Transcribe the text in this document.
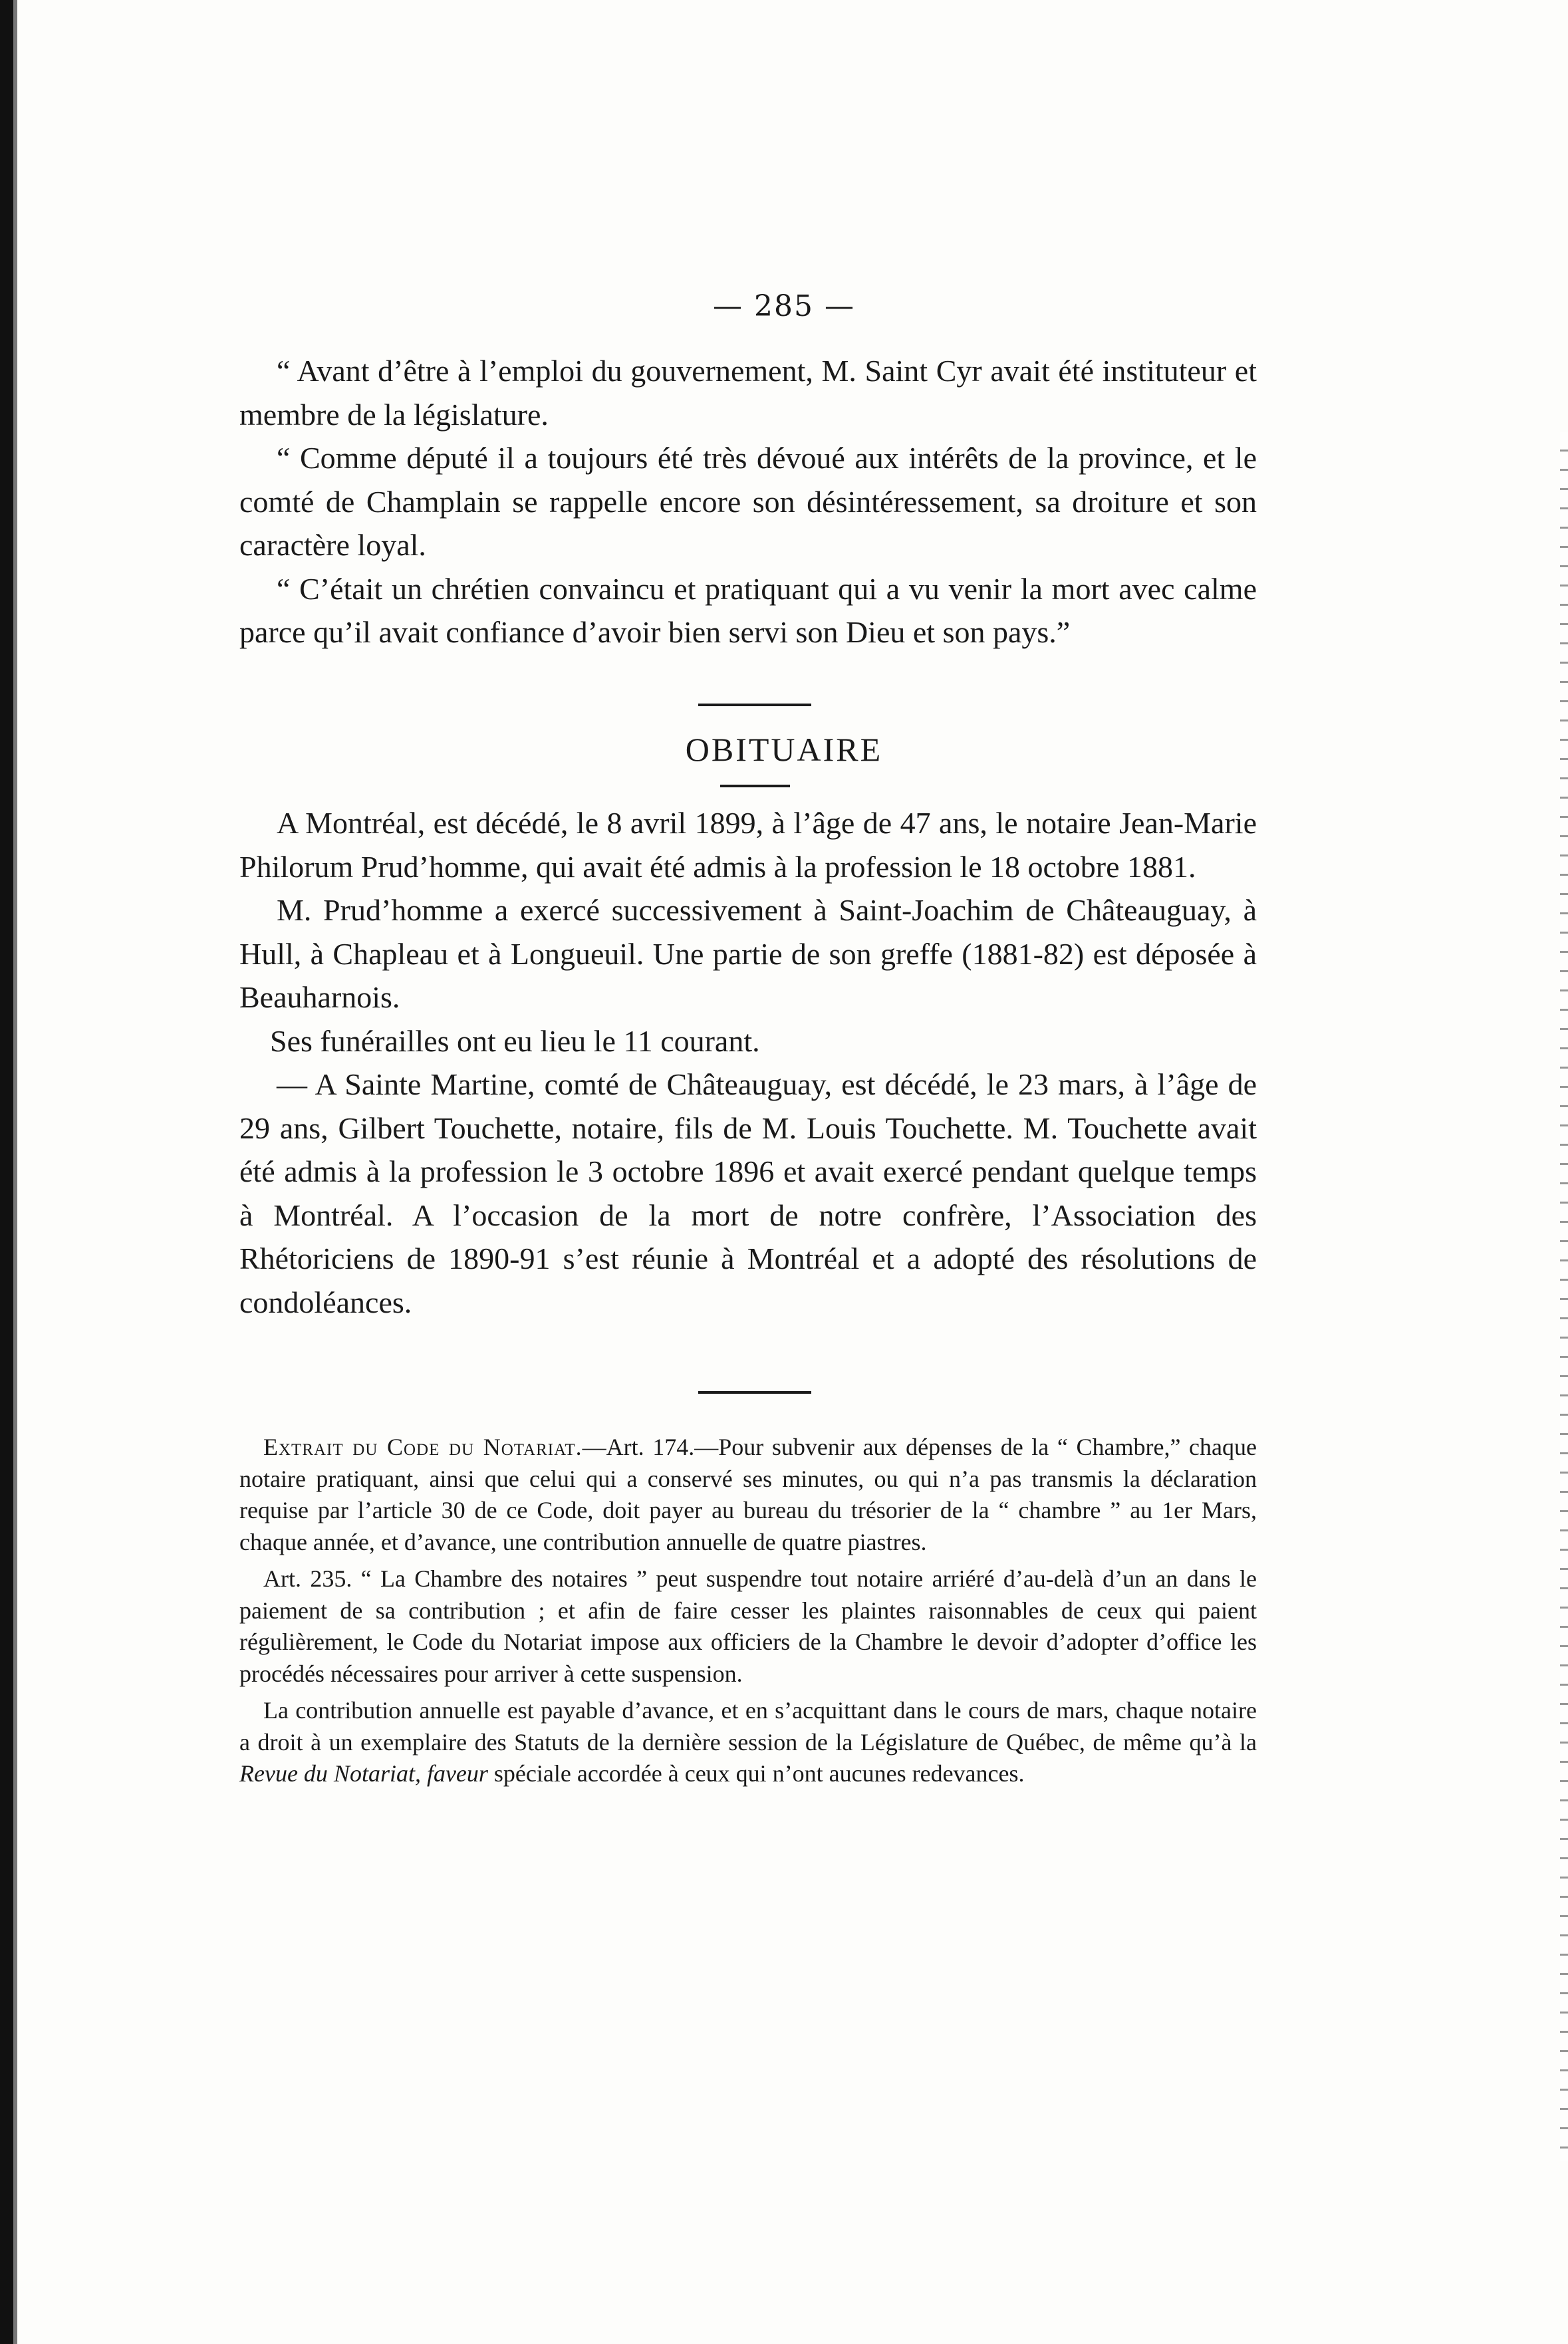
— 285 —

“ Avant d’être à l’emploi du gouvernement, M. Saint Cyr avait été instituteur et membre de la législature.

“ Comme député il a toujours été très dévoué aux intérêts de la province, et le comté de Champlain se rappelle encore son désintéressement, sa droiture et son caractère loyal.

“ C’était un chrétien convaincu et pratiquant qui a vu venir la mort avec calme parce qu’il avait confiance d’avoir bien servi son Dieu et son pays.”

OBITUAIRE

A Montréal, est décédé, le 8 avril 1899, à l’âge de 47 ans, le notaire Jean-Marie Philorum Prud’homme, qui avait été admis à la profession le 18 octobre 1881.

M. Prud’homme a exercé successivement à Saint-Joachim de Châteauguay, à Hull, à Chapleau et à Longueuil. Une partie de son greffe (1881-82) est déposée à Beauharnois.

Ses funérailles ont eu lieu le 11 courant.

— A Sainte Martine, comté de Châteauguay, est décédé, le 23 mars, à l’âge de 29 ans, Gilbert Touchette, notaire, fils de M. Louis Touchette. M. Touchette avait été admis à la profession le 3 octobre 1896 et avait exercé pendant quelque temps à Montréal. A l’occasion de la mort de notre confrère, l’Association des Rhétoriciens de 1890-91 s’est réunie à Montréal et a adopté des résolutions de condoléances.

Extrait du Code du Notariat.—Art. 174.—Pour subvenir aux dépenses de la “ Chambre,” chaque notaire pratiquant, ainsi que celui qui a conservé ses minutes, ou qui n’a pas transmis la déclaration requise par l’article 30 de ce Code, doit payer au bureau du trésorier de la “ chambre ” au 1er Mars, chaque année, et d’avance, une contribution annuelle de quatre piastres.

Art. 235. “ La Chambre des notaires ” peut suspendre tout notaire arriéré d’au-delà d’un an dans le paiement de sa contribution ; et afin de faire cesser les plaintes raisonnables de ceux qui paient régulièrement, le Code du Notariat impose aux officiers de la Chambre le devoir d’adopter d’office les procédés nécessaires pour arriver à cette suspension.

La contribution annuelle est payable d’avance, et en s’acquittant dans le cours de mars, chaque notaire a droit à un exemplaire des Statuts de la dernière session de la Législature de Québec, de même qu’à la Revue du Notariat, faveur spéciale accordée à ceux qui n’ont aucunes redevances.
